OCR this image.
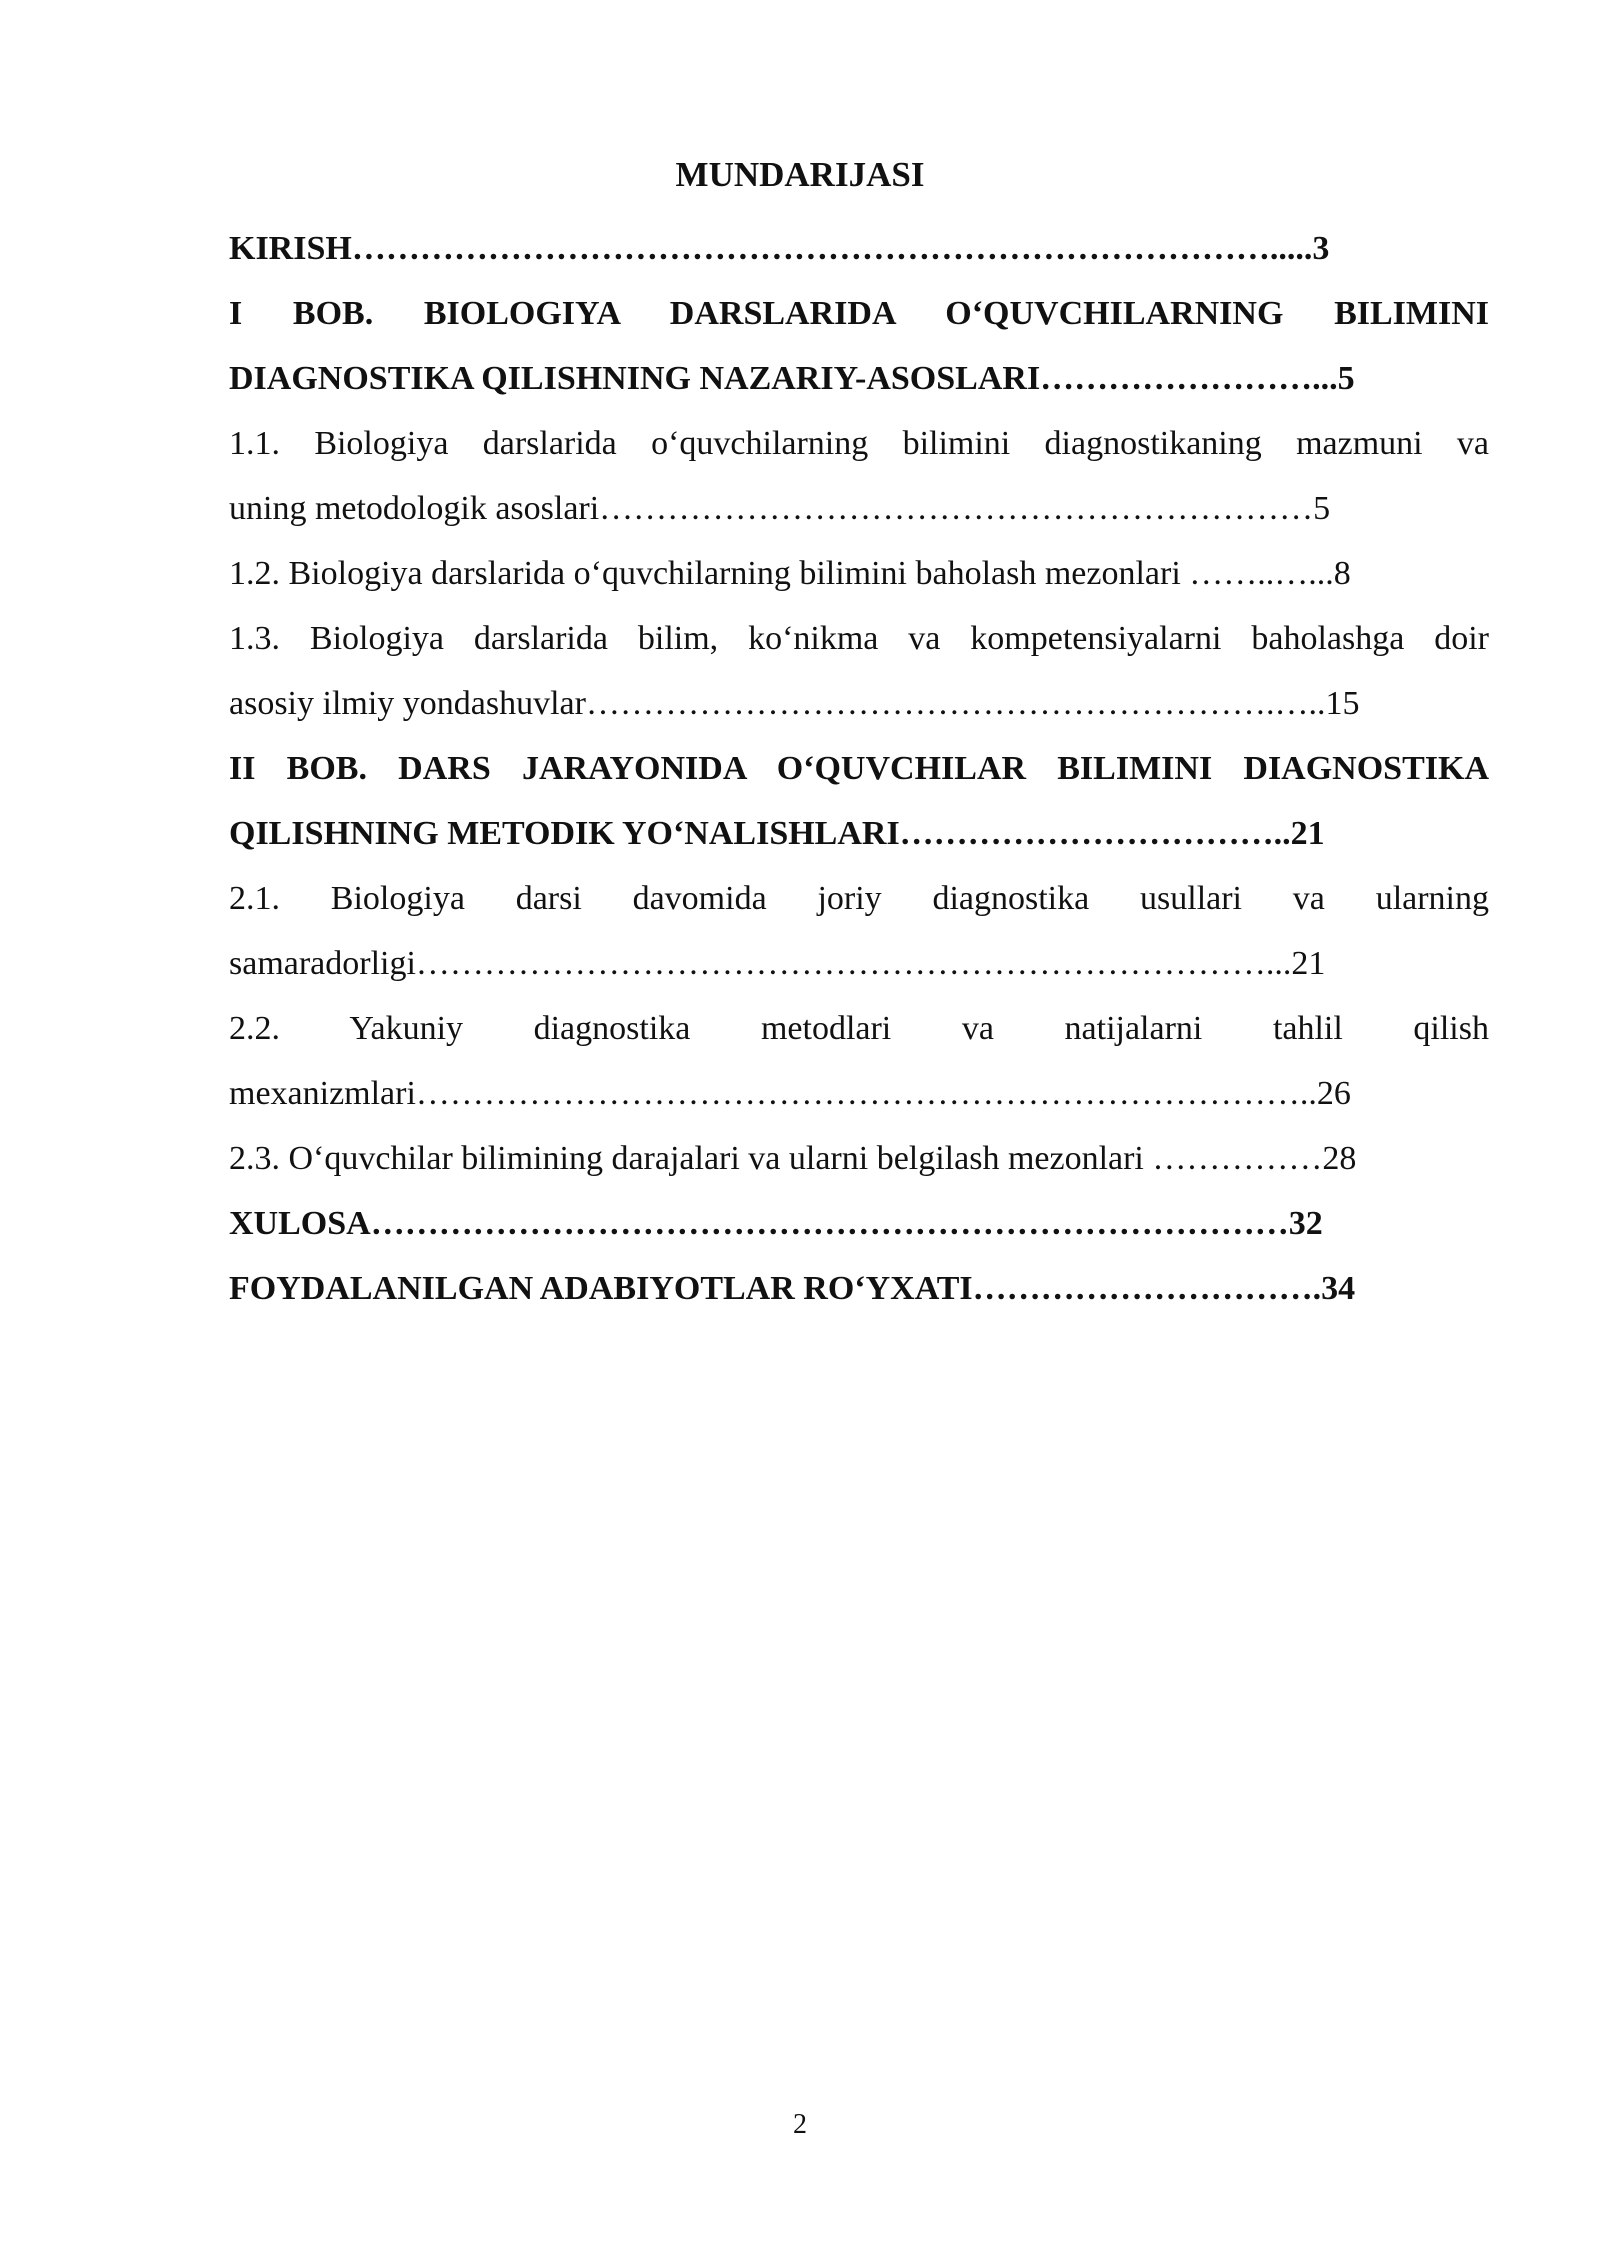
MUNDARIJASI
KIRISH……………………………………………………………………….....3
I BOB. BIOLOGIYA DARSLARIDA O‘QUVCHILARNING BILIMINI
DIAGNOSTIKA QILISHNING NAZARIY-ASOSLARI……………………...5
1.1. Biologiya darslarida o‘quvchilarning bilimini diagnostikaning mazmuni va
uning metodologik asoslari………………………………………………………5
1.2. Biologiya darslarida o‘quvchilarning bilimini baholash mezonlari ……..…...8
1.3. Biologiya darslarida bilim, ko‘nikma va kompetensiyalarni baholashga doir
asosiy ilmiy yondashuvlar…………………………………………………….…..15
II BOB. DARS JARAYONIDA O‘QUVCHILAR BILIMINI DIAGNOSTIKA
QILISHNING METODIK YO‘NALISHLARI……………………………..21
2.1. Biologiya darsi davomida joriy diagnostika usullari va ularning
samaradorligi…………………………………………………………………...21
2.2. Yakuniy diagnostika metodlari va natijalarni tahlil qilish
mexanizmlari……………………………………………………………………..26
2.3. O‘quvchilar bilimining darajalari va ularni belgilash mezonlari ……………28
XULOSA………………………………………………………………………32
FOYDALANILGAN ADABIYOTLAR RO‘YXATI………………………….34
2
